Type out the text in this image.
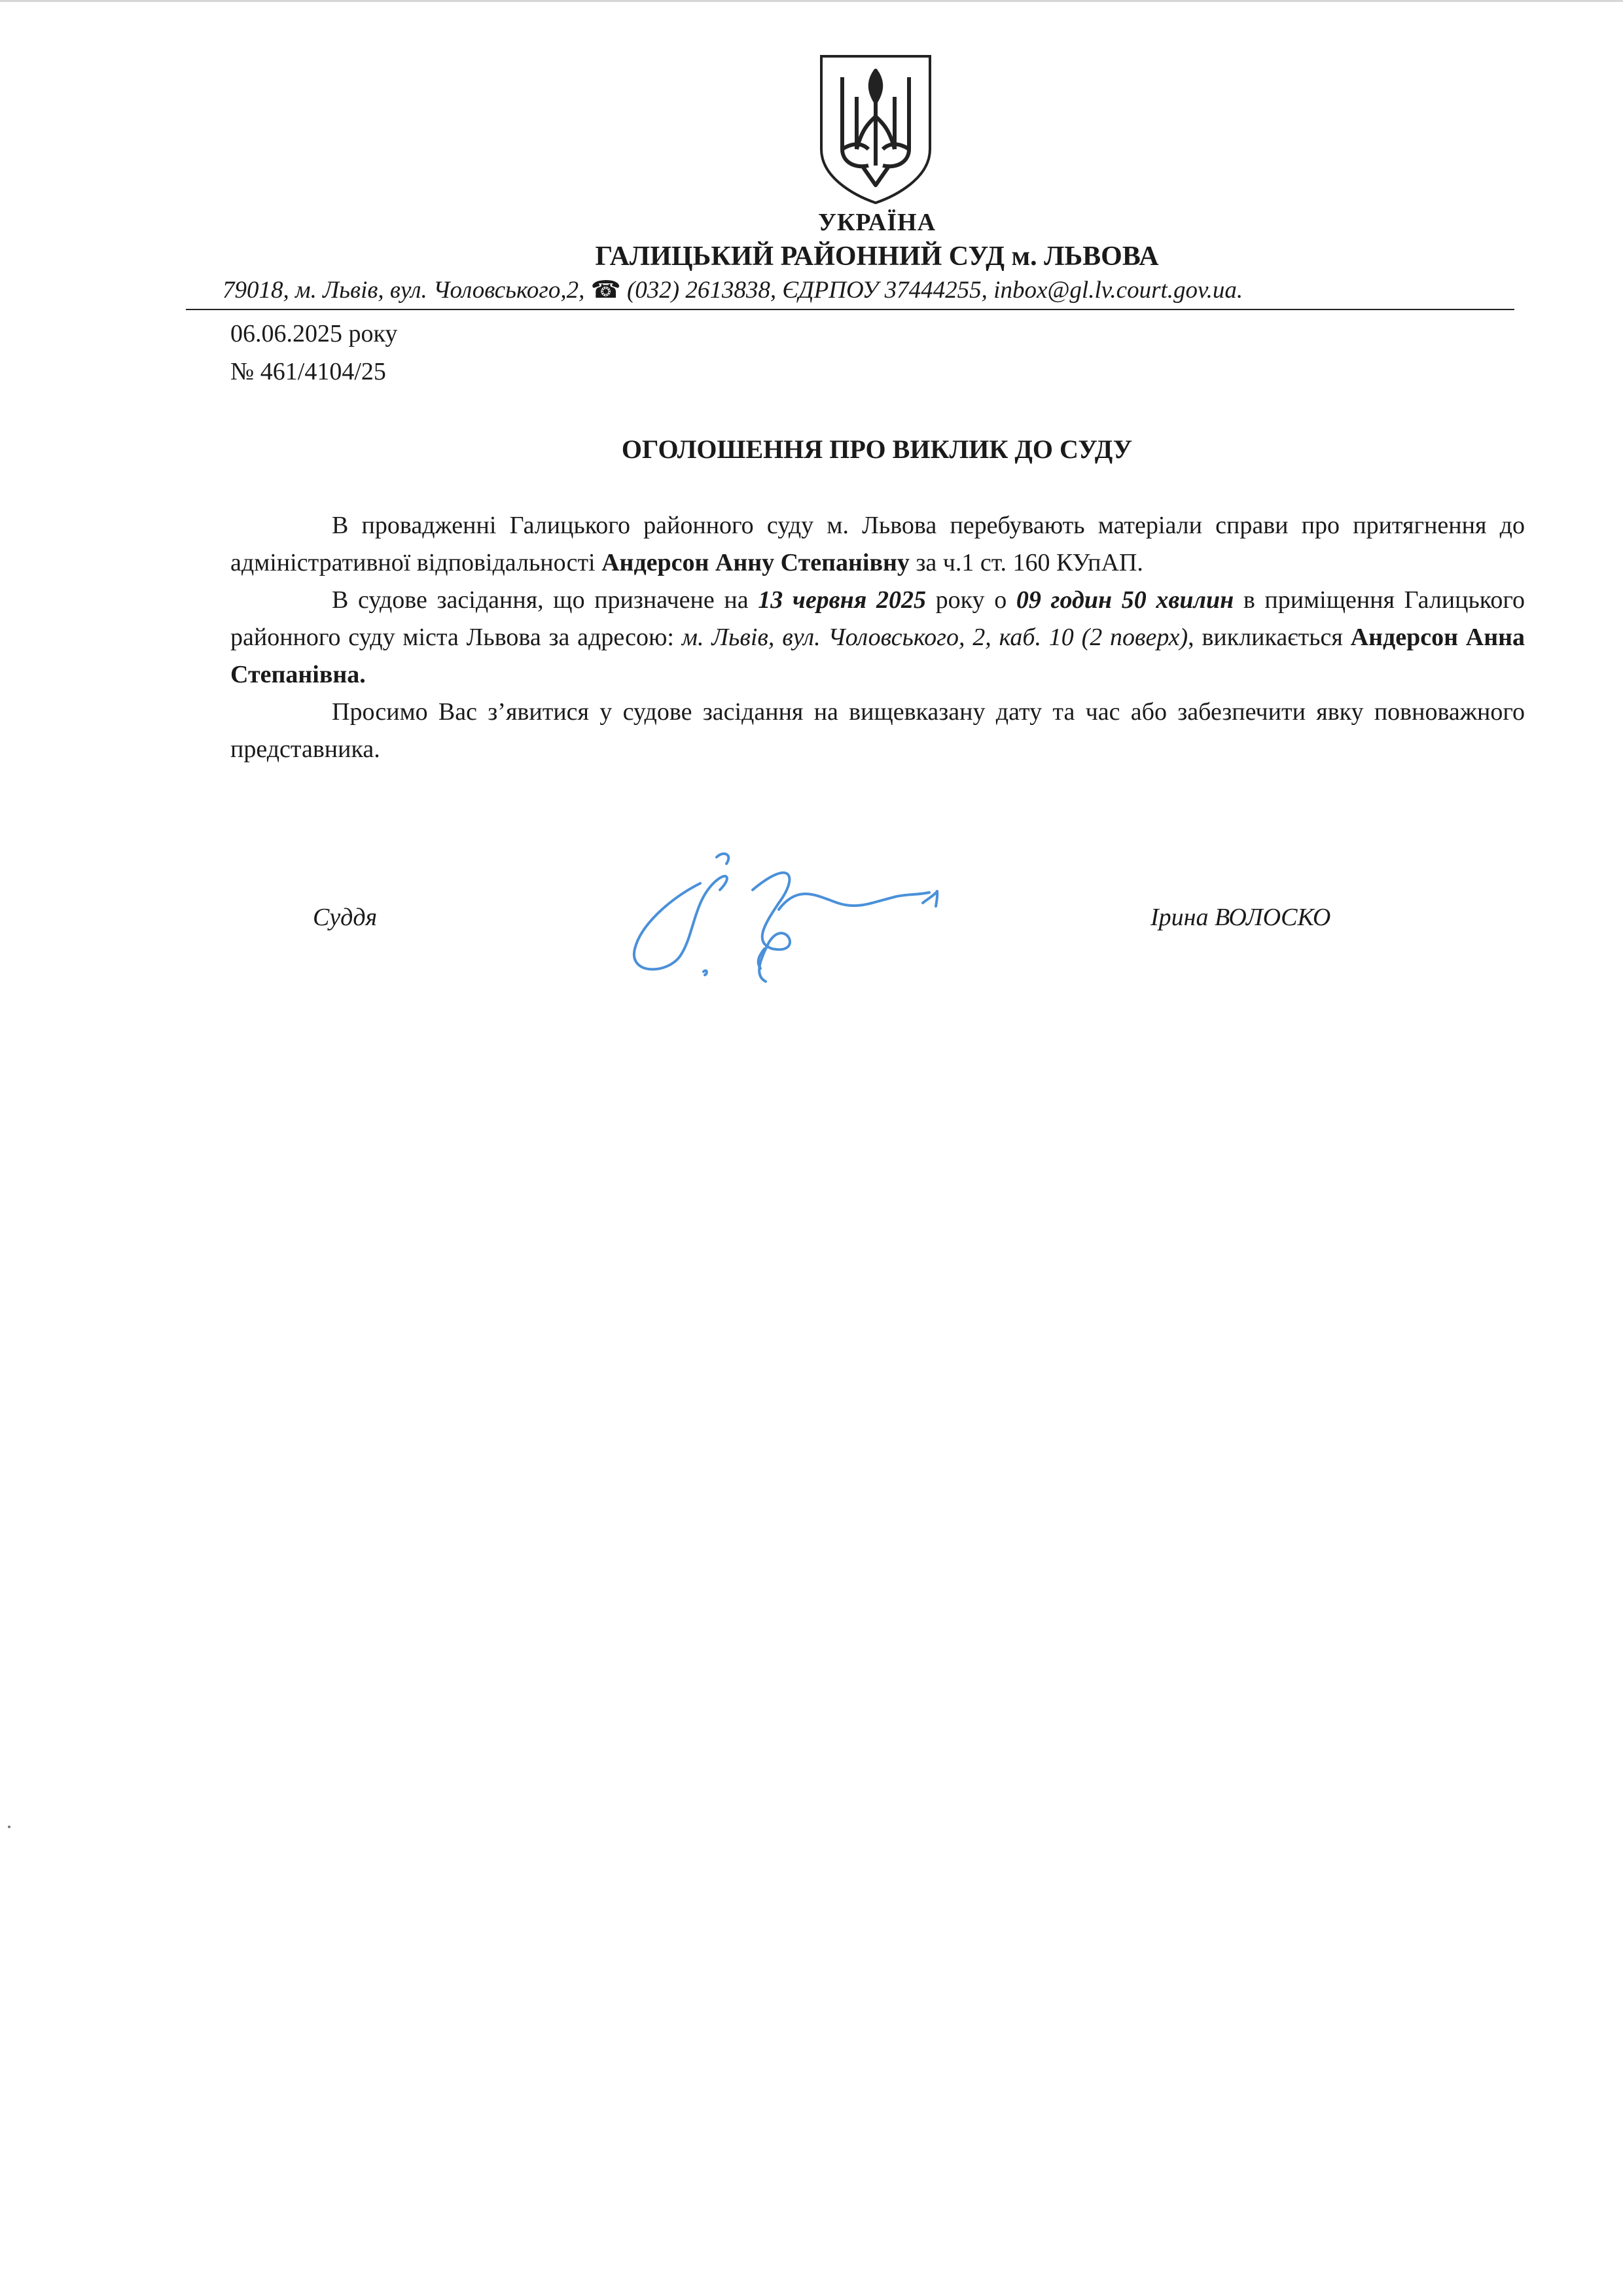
УКРАЇНА
ГАЛИЦЬКИЙ РАЙОННИЙ СУД м. ЛЬВОВА
79018, м. Львів, вул. Чоловського,2, ☎ (032) 2613838, ЄДРПОУ 37444255, inbox@gl.lv.court.gov.ua.
06.06.2025 року
№ 461/4104/25
ОГОЛОШЕННЯ ПРО ВИКЛИК ДО СУДУ

В провадженні Галицького районного суду м. Львова перебувають матеріали справи про притягнення до адміністративної відповідальності Андерсон Анну Степанівну за ч.1 ст. 160 КУпАП.

В судове засідання, що призначене на 13 червня 2025 року о 09 годин 50 хвилин в приміщення Галицького районного суду міста Львова за адресою: м. Львів, вул. Чоловського, 2, каб. 10 (2 поверх), викликається Андерсон Анна Степанівна.

Просимо Вас з’явитися у судове засідання на вищевказану дату та час або забезпечити явку повноважного представника.

Суддя	Ірина ВОЛОСКО
